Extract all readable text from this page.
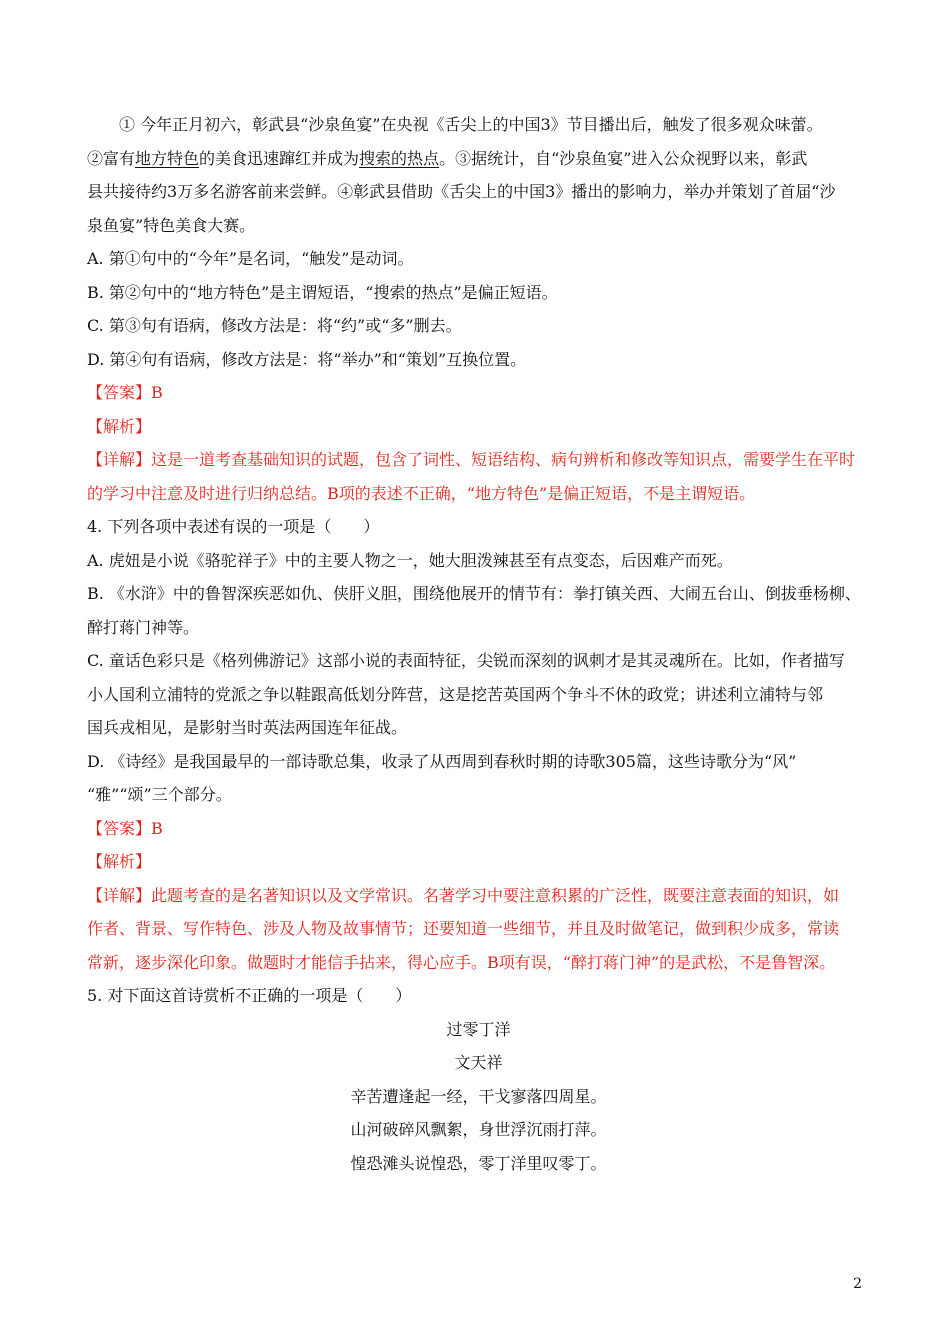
① 今年正月初六，彰武县“沙泉鱼宴”在央视《舌尖上的中国3》节目播出后，触发了很多观众味蕾。

②富有地方特色的美食迅速蹿红并成为搜索的热点。③据统计，自“沙泉鱼宴”进入公众视野以来，彰武

县共接待约3万多名游客前来尝鲜。④彰武县借助《舌尖上的中国3》播出的影响力，举办并策划了首届“沙

泉鱼宴”特色美食大赛。

A. 第①句中的“今年”是名词，“触发”是动词。

B. 第②句中的“地方特色”是主谓短语，“搜索的热点”是偏正短语。

C. 第③句有语病，修改方法是：将“约”或“多”删去。

D. 第④句有语病，修改方法是：将“举办”和“策划”互换位置。

【答案】B

【解析】

【详解】这是一道考查基础知识的试题，包含了词性、短语结构、病句辨析和修改等知识点，需要学生在平时

的学习中注意及时进行归纳总结。B项的表述不正确，“地方特色”是偏正短语，不是主谓短语。

4. 下列各项中表述有误的一项是（　　）

A. 虎妞是小说《骆驼祥子》中的主要人物之一，她大胆泼辣甚至有点变态，后因难产而死。

B. 《水浒》中的鲁智深疾恶如仇、侠肝义胆，围绕他展开的情节有：拳打镇关西、大闹五台山、倒拔垂杨柳、

醉打蒋门神等。

C. 童话色彩只是《格列佛游记》这部小说的表面特征，尖锐而深刻的讽刺才是其灵魂所在。比如，作者描写

小人国利立浦特的党派之争以鞋跟高低划分阵营，这是挖苦英国两个争斗不休的政党；讲述利立浦特与邻

国兵戎相见，是影射当时英法两国连年征战。

D. 《诗经》是我国最早的一部诗歌总集，收录了从西周到春秋时期的诗歌305篇，这些诗歌分为“风”

“雅”“颂”三个部分。

【答案】B

【解析】

【详解】此题考查的是名著知识以及文学常识。名著学习中要注意积累的广泛性，既要注意表面的知识，如

作者、背景、写作特色、涉及人物及故事情节；还要知道一些细节，并且及时做笔记，做到积少成多，常读

常新，逐步深化印象。做题时才能信手拈来，得心应手。B项有误，“醉打蒋门神”的是武松，不是鲁智深。

5. 对下面这首诗赏析不正确的一项是（　　）

过零丁洋

文天祥

辛苦遭逢起一经，干戈寥落四周星。

山河破碎风飘絮，身世浮沉雨打萍。

惶恐滩头说惶恐，零丁洋里叹零丁。

2
